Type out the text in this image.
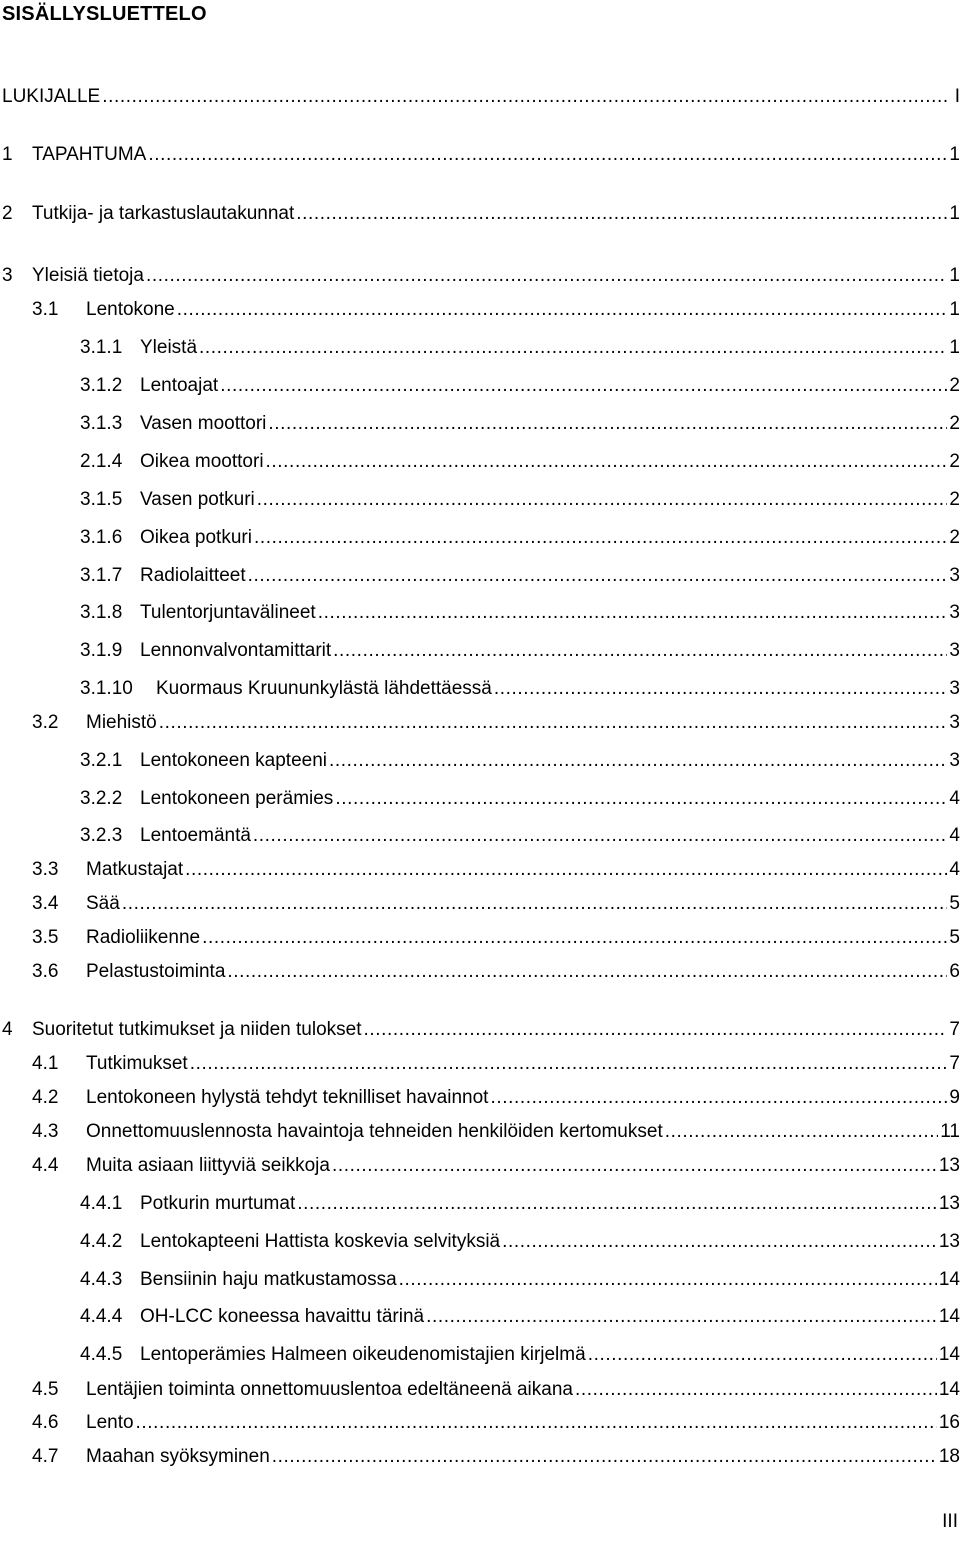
SISÄLLYSLUETTELO
LUKIJALLE .....	I
1 TAPAHTUMA .....	1
2 Tutkija- ja tarkastuslautakunnat .....	1
3 Yleisiä tietoja .....	1
3.1 Lentokone .....	1
3.1.1 Yleistä .....	1
3.1.2 Lentoajat .....	2
3.1.3 Vasen moottori .....	2
2.1.4 Oikea moottori .....	2
3.1.5 Vasen potkuri .....	2
3.1.6 Oikea potkuri .....	2
3.1.7 Radiolaitteet .....	3
3.1.8 Tulentorjuntavälineet .....	3
3.1.9 Lennonvalvontamittarit .....	3
3.1.10 Kuormaus Kruununkylästä lähdettäessä .....	3
3.2 Miehistö .....	3
3.2.1 Lentokoneen kapteeni .....	3
3.2.2 Lentokoneen perämies .....	4
3.2.3 Lentoemäntä .....	4
3.3 Matkustajat .....	4
3.4 Sää .....	5
3.5 Radioliikenne .....	5
3.6 Pelastustoiminta .....	6
4 Suoritetut tutkimukset ja niiden tulokset .....	7
4.1 Tutkimukset .....	7
4.2 Lentokoneen hylystä tehdyt teknilliset havainnot .....	9
4.3 Onnettomuuslennosta havaintoja tehneiden henkilöiden kertomukset .....	11
4.4 Muita asiaan liittyviä seikkoja .....	13
4.4.1 Potkurin murtumat .....	13
4.4.2 Lentokapteeni Hattista koskevia selvityksiä .....	13
4.4.3 Bensiinin haju matkustamossa .....	14
4.4.4 OH-LCC koneessa havaittu tärinä .....	14
4.4.5 Lentoperämies Halmeen oikeudenomistajien kirjelmä .....	14
4.5 Lentäjien toiminta onnettomuuslentoa edeltäneenä aikana .....	14
4.6 Lento .....	16
4.7 Maahan syöksyminen .....	18
III
